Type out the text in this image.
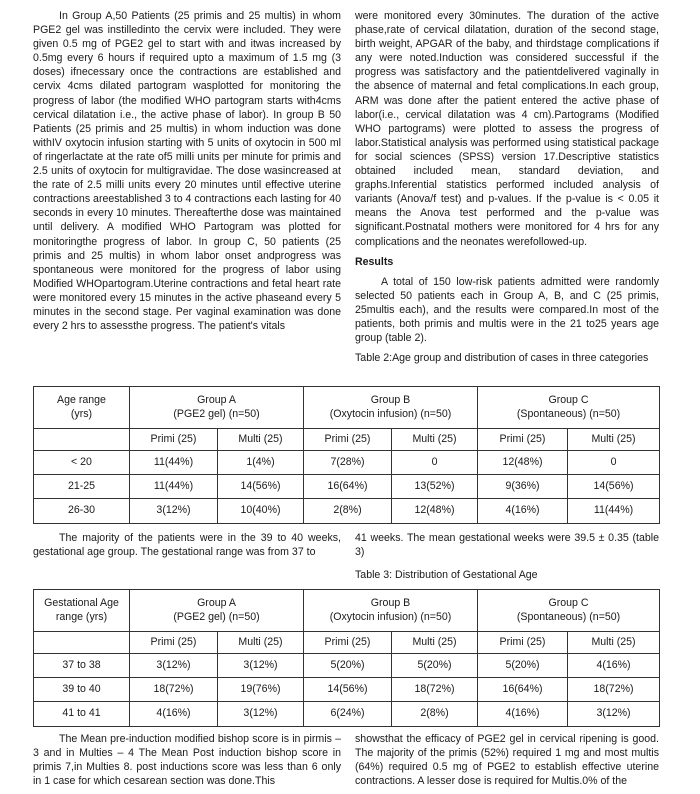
In Group A,50 Patients (25 primis and 25 multis) in whom PGE2 gel was instilledinto the cervix were included. They were given 0.5 mg of PGE2 gel to start with and itwas increased by 0.5mg every 6 hours if required upto a maximum of 1.5 mg (3 doses) ifnecessary once the contractions are established and cervix 4cms dilated partogram wasplotted for monitoring the progress of labor (the modified WHO partogram starts with4cms cervical dilatation i.e., the active phase of labor). In group B 50 Patients (25 primis and 25 multis) in whom induction was done withIV oxytocin infusion starting with 5 units of oxytocin in 500 ml of ringerlactate at the rate of5 milli units per minute for primis and 2.5 units of oxytocin for multigravidae. The dose wasincreased at the rate of 2.5 milli units every 20 minutes until effective uterine contractions areestablished 3 to 4 contractions each lasting for 40 seconds in every 10 minutes. Thereafterthe dose was maintained until delivery. A modified WHO Partogram was plotted for monitoringthe progress of labor. In group C, 50 patients (25 primis and 25 multis) in whom labor onset andprogress was spontaneous were monitored for the progress of labor using Modified WHOpartogram.Uterine contractions and fetal heart rate were monitored every 15 minutes in the active phaseand every 5 minutes in the second stage. Per vaginal examination was done every 2 hrs to assessthe progress. The patient's vitals

were monitored every 30minutes. The duration of the active phase,rate of cervical dilatation, duration of the second stage, birth weight, APGAR of the baby, and thirdstage complications if any were noted.Induction was considered successful if the progress was satisfactory and the patientdelivered vaginally in the absence of maternal and fetal complications.In each group, ARM was done after the patient entered the active phase of labor(i.e., cervical dilatation was 4 cm).Partograms (Modified WHO partograms) were plotted to assess the progress of labor.Statistical analysis was performed using statistical package for social sciences (SPSS) version 17.Descriptive statistics obtained included mean, standard deviation, and graphs.Inferential statistics performed included analysis of variants (Anova/f test) and p-values. If the p-value is < 0.05 it means the Anova test performed and the p-value was significant.Postnatal mothers were monitored for 4 hrs for any complications and the neonates werefollowed-up.

Results

A total of 150 low-risk patients admitted were randomly selected 50 patients each in Group A, B, and C (25 primis, 25multis each), and the results were compared.In most of the patients, both primis and multis were in the 21 to25 years age group (table 2).

Table 2:Age group and distribution of cases in three categories

Age range
(yrs)	Group A
(PGE2 gel) (n=50)		Group B
(Oxytocin infusion) (n=50)		Group C
(Spontaneous) (n=50)	
	Primi (25)	Multi (25)	Primi (25)	Multi (25)	Primi (25)	Multi (25)
< 20	11(44%)	1(4%)	7(28%)	0	12(48%)	0
21-25	11(44%)	14(56%)	16(64%)	13(52%)	9(36%)	14(56%)
26-30	3(12%)	10(40%)	2(8%)	12(48%)	4(16%)	11(44%)

The majority of the patients were in the 39 to 40 weeks, gestational age group. The gestational range was from 37 to

41 weeks. The mean gestational weeks were 39.5 ± 0.35 (table 3)

Table 3: Distribution of Gestational Age

Gestational Age
range (yrs)	Group A
(PGE2 gel) (n=50)		Group B
(Oxytocin infusion) (n=50)		Group C
(Spontaneous) (n=50)	
	Primi (25)	Multi (25)	Primi (25)	Multi (25)	Primi (25)	Multi (25)
37 to 38	3(12%)	3(12%)	5(20%)	5(20%)	5(20%)	4(16%)
39 to 40	18(72%)	19(76%)	14(56%)	18(72%)	16(64%)	18(72%)
41 to 41	4(16%)	3(12%)	6(24%)	2(8%)	4(16%)	3(12%)

The Mean pre-induction modified bishop score is in pirmis – 3 and in Multies – 4 The Mean Post induction bishop score in primis 7,in Multies 8. post inductions score was less than 6 only in 1 case for which cesarean section was done.This

showsthat the efficacy of PGE2 gel in cervical ripening is good. The majority of the primis (52%) required 1 mg and most multis (64%) required 0.5 mg of PGE2 to establish effective uterine contractions. A lesser dose is required for Multis.0% of the
